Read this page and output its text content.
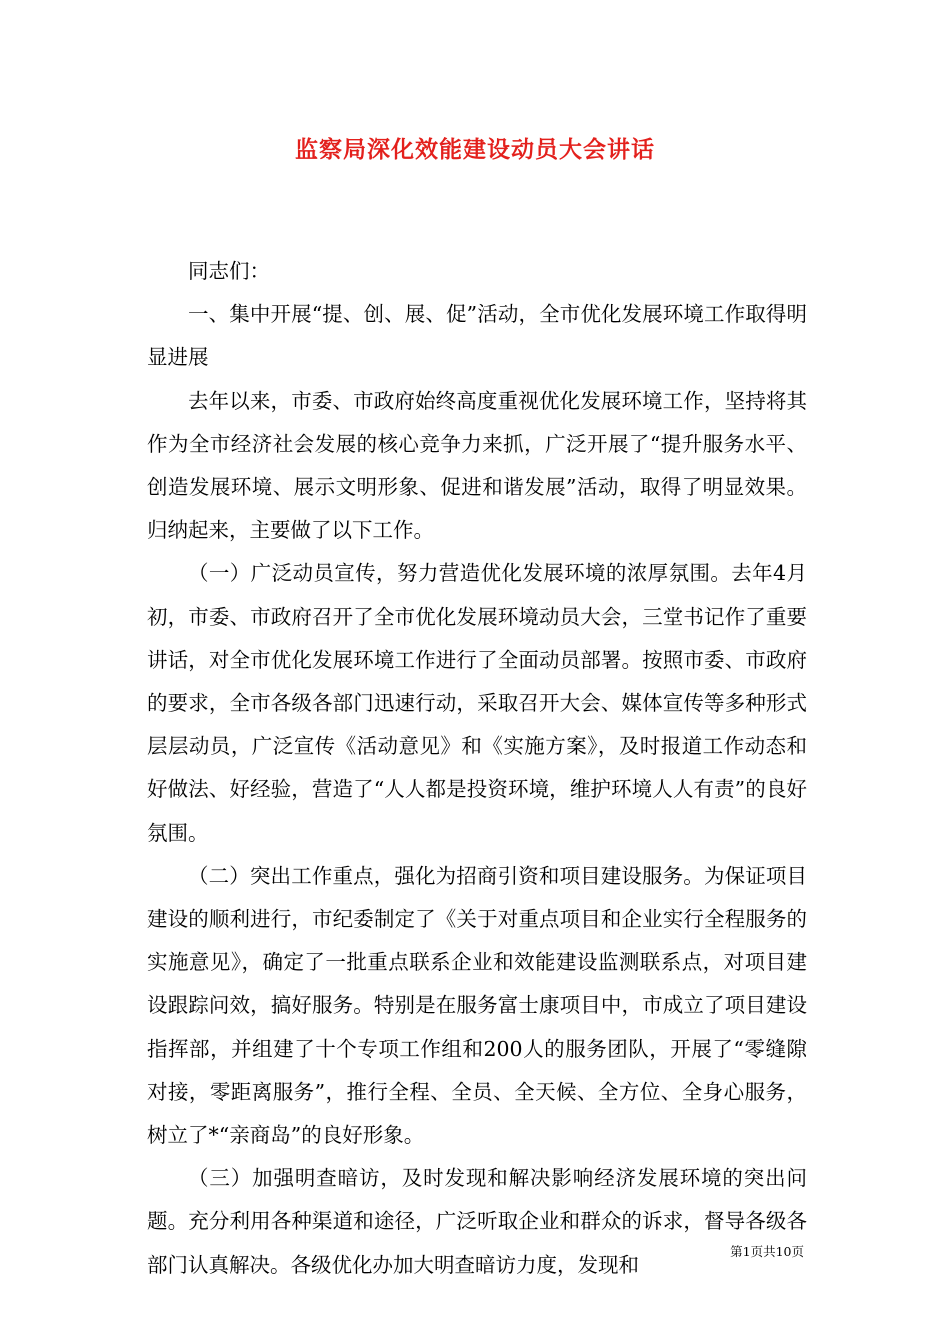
监察局深化效能建设动员大会讲话

同志们：

一、集中开展“提、创、展、促”活动，全市优化发展环境工作取得明显进展

去年以来，市委、市政府始终高度重视优化发展环境工作，坚持将其作为全市经济社会发展的核心竞争力来抓，广泛开展了“提升服务水平、创造发展环境、展示文明形象、促进和谐发展”活动，取得了明显效果。归纳起来，主要做了以下工作。

（一）广泛动员宣传，努力营造优化发展环境的浓厚氛围。去年4月初，市委、市政府召开了全市优化发展环境动员大会，三堂书记作了重要讲话，对全市优化发展环境工作进行了全面动员部署。按照市委、市政府的要求，全市各级各部门迅速行动，采取召开大会、媒体宣传等多种形式层层动员，广泛宣传《活动意见》和《实施方案》，及时报道工作动态和好做法、好经验，营造了“人人都是投资环境，维护环境人人有责”的良好氛围。

（二）突出工作重点，强化为招商引资和项目建设服务。为保证项目建设的顺利进行，市纪委制定了《关于对重点项目和企业实行全程服务的实施意见》，确定了一批重点联系企业和效能建设监测联系点，对项目建设跟踪问效，搞好服务。特别是在服务富士康项目中，市成立了项目建设指挥部，并组建了十个专项工作组和200人的服务团队，开展了“零缝隙对接，零距离服务”，推行全程、全员、全天候、全方位、全身心服务，树立了*“亲商岛”的良好形象。

（三）加强明查暗访，及时发现和解决影响经济发展环境的突出问题。充分利用各种渠道和途径，广泛听取企业和群众的诉求，督导各级各部门认真解决。各级优化办加大明查暗访力度，发现和

第1页共10页
